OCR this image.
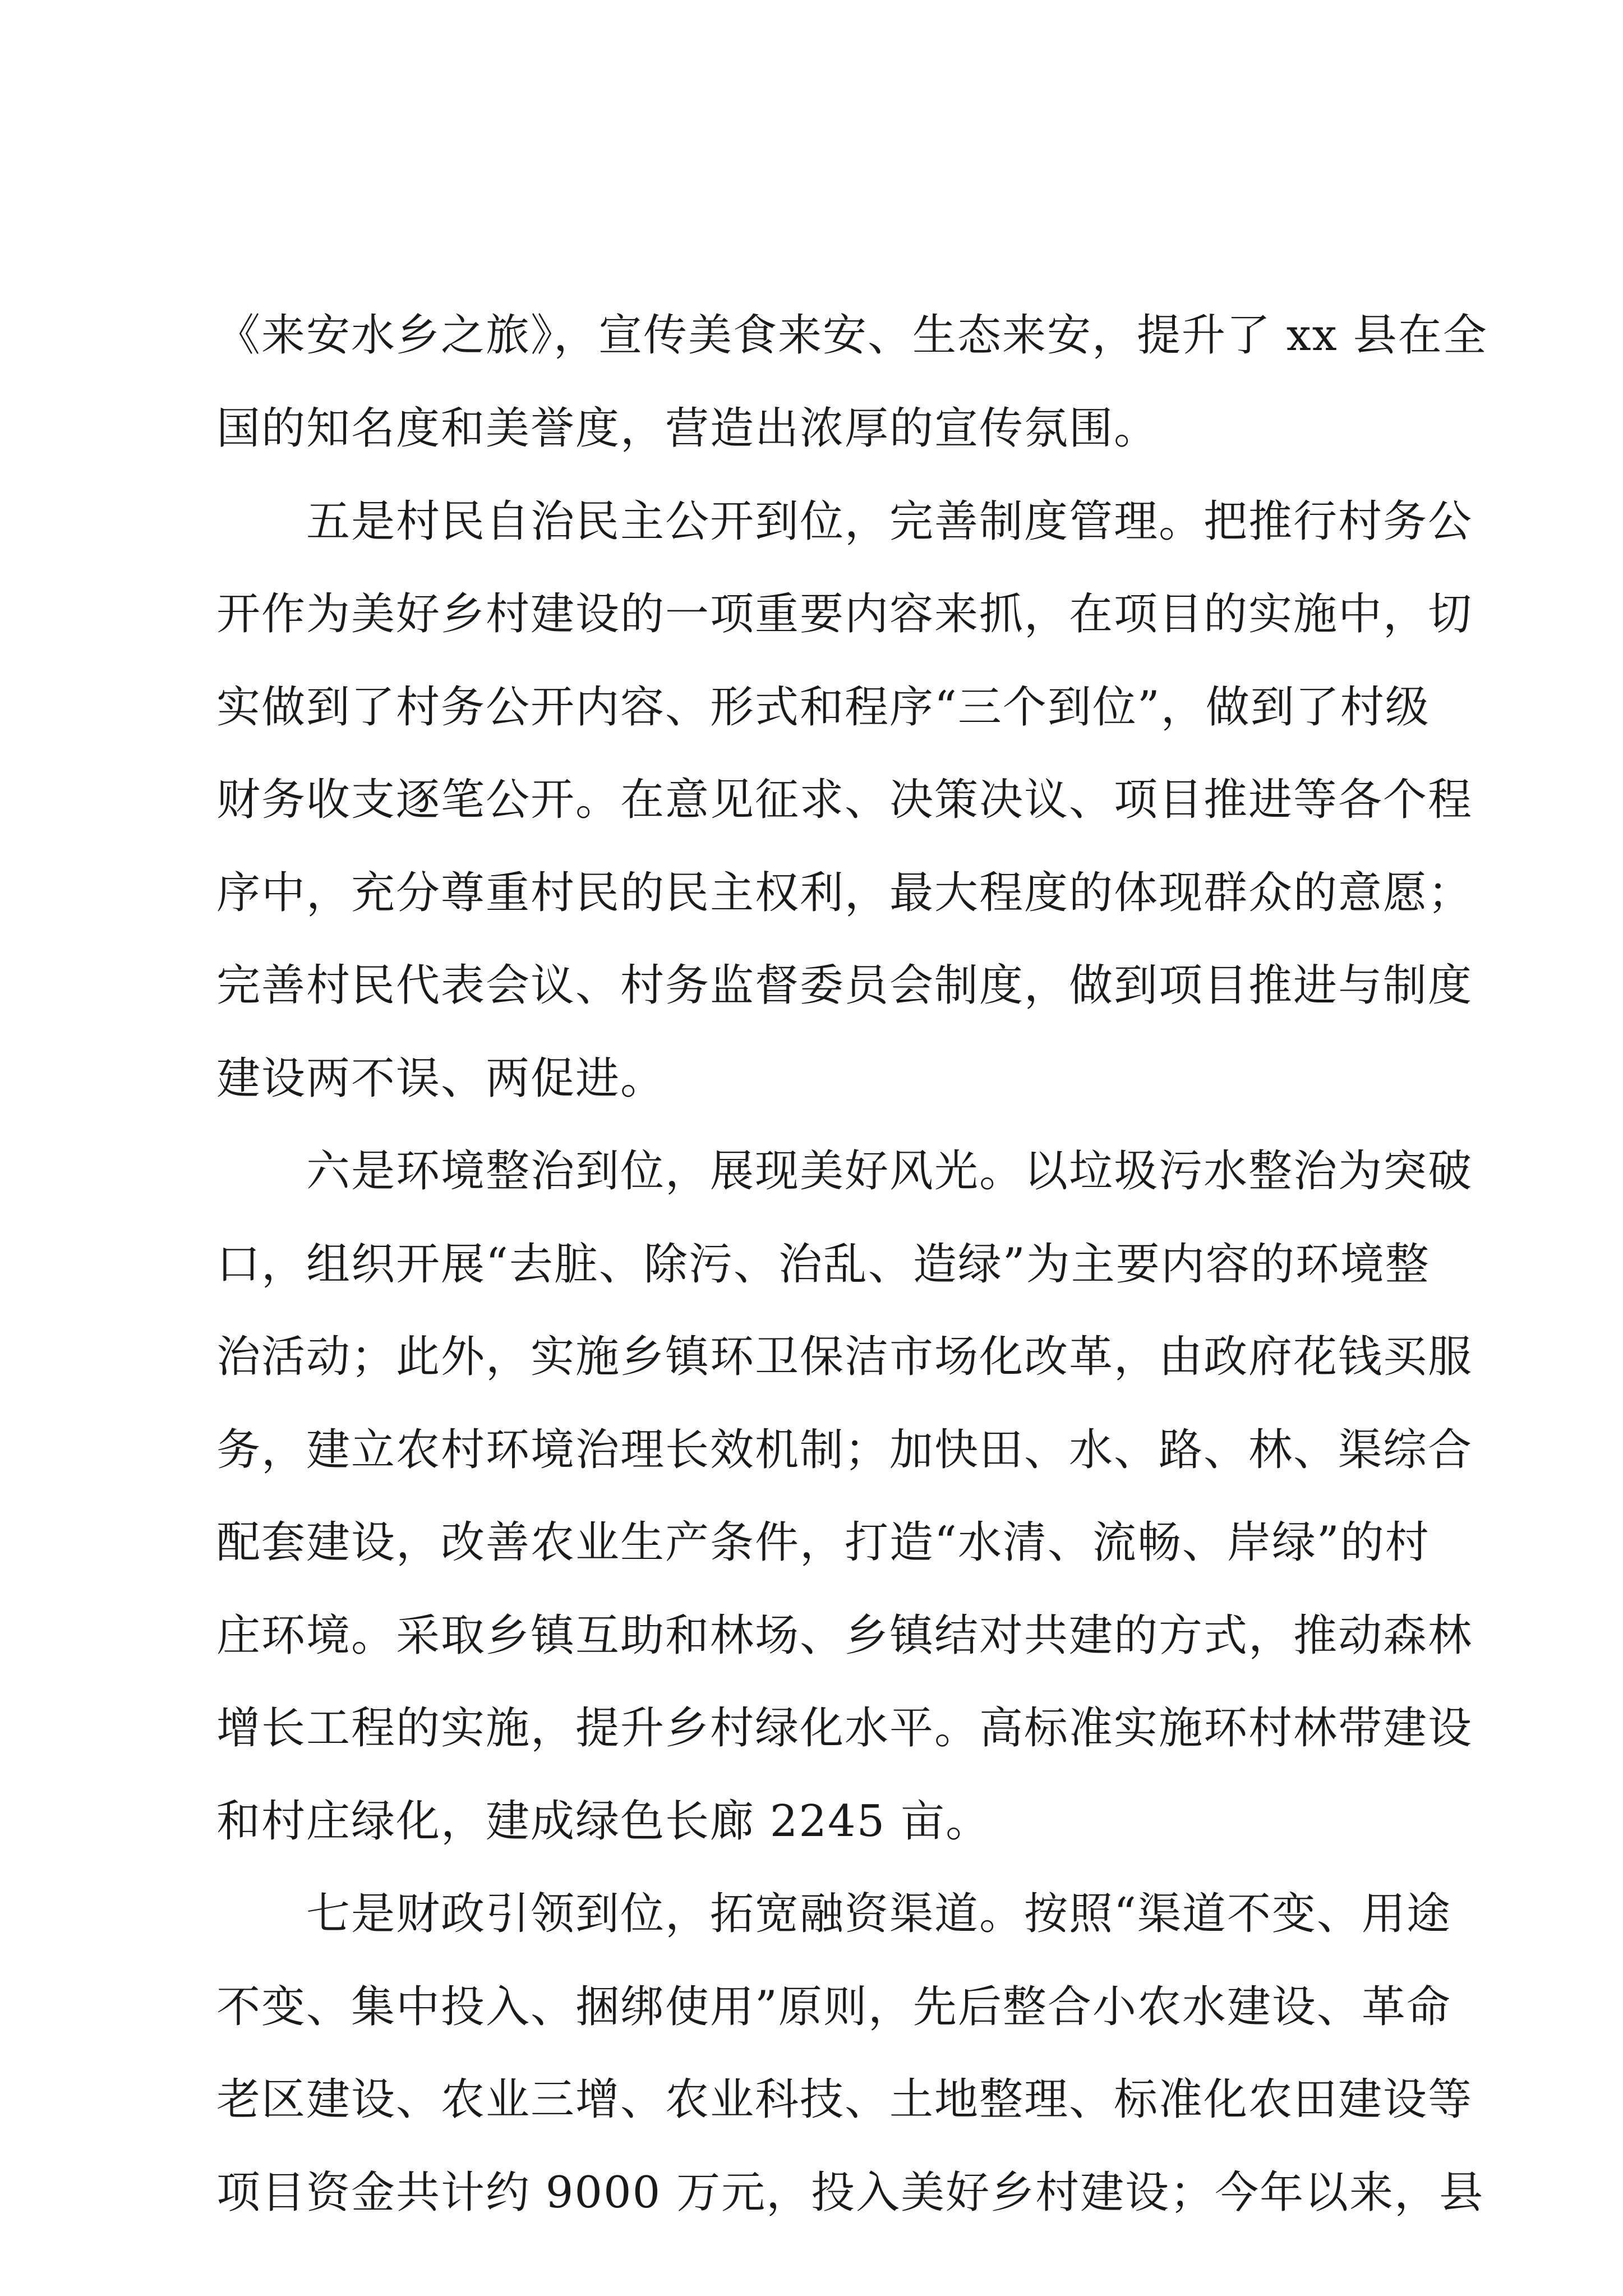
《来安水乡之旅》，宣传美食来安、生态来安，提升了 xx 县在全
国的知名度和美誉度，营造出浓厚的宣传氛围。
五是村民自治民主公开到位，完善制度管理。把推行村务公
开作为美好乡村建设的一项重要内容来抓，在项目的实施中，切
实做到了村务公开内容、形式和程序“三个到位”，做到了村级
财务收支逐笔公开。在意见征求、决策决议、项目推进等各个程
序中，充分尊重村民的民主权利，最大程度的体现群众的意愿；
完善村民代表会议、村务监督委员会制度，做到项目推进与制度
建设两不误、两促进。
六是环境整治到位，展现美好风光。以垃圾污水整治为突破
口，组织开展“去脏、除污、治乱、造绿”为主要内容的环境整
治活动；此外，实施乡镇环卫保洁市场化改革，由政府花钱买服
务，建立农村环境治理长效机制；加快田、水、路、林、渠综合
配套建设，改善农业生产条件，打造“水清、流畅、岸绿”的村
庄环境。采取乡镇互助和林场、乡镇结对共建的方式，推动森林
增长工程的实施，提升乡村绿化水平。高标准实施环村林带建设
和村庄绿化，建成绿色长廊 2245 亩。
七是财政引领到位，拓宽融资渠道。按照“渠道不变、用途
不变、集中投入、捆绑使用”原则，先后整合小农水建设、革命
老区建设、农业三增、农业科技、土地整理、标准化农田建设等
项目资金共计约 9000 万元，投入美好乡村建设；今年以来，县
